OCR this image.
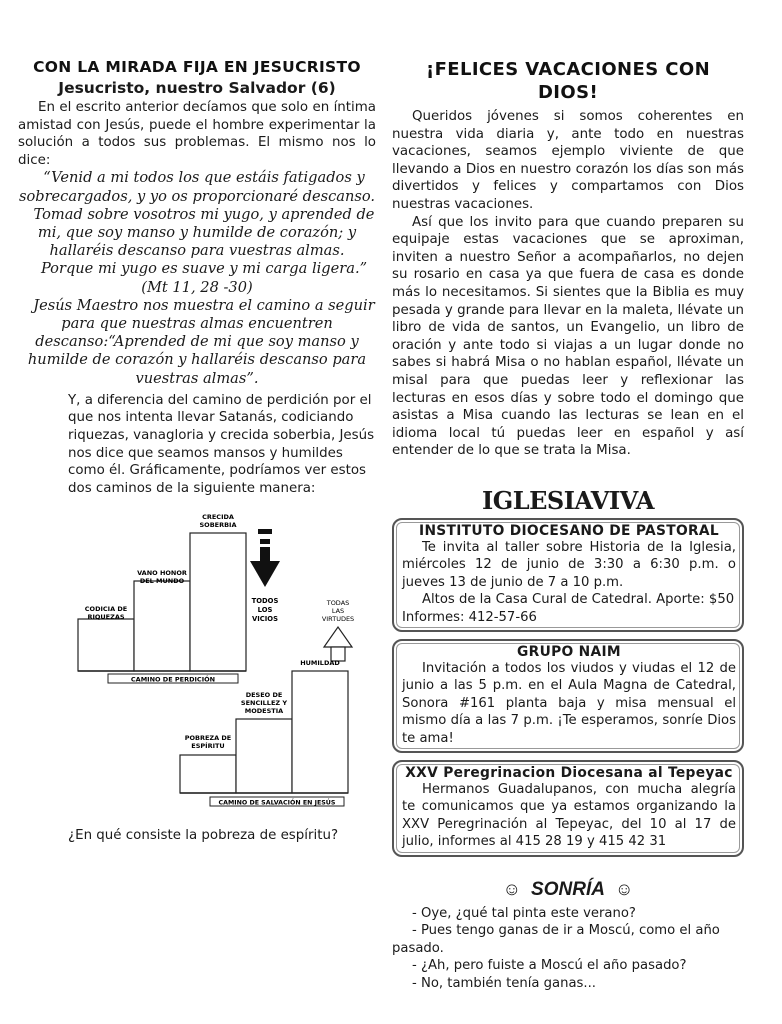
CON LA MIRADA FIJA EN JESUCRISTO
Jesucristo, nuestro Salvador (6)

En el escrito anterior decíamos que solo en íntima amistad con Jesús, puede el hombre experimentar la solución a todos sus problemas. El mismo nos lo dice:

“Venid a mi todos los que estáis fatigados y sobrecargados, y yo os proporcionaré descanso.

Tomad sobre vosotros mi yugo, y aprended de mi, que soy manso y humilde de corazón; y hallaréis descanso para vuestras almas.

Porque mi yugo es suave y mi carga ligera.” (Mt 11, 28 -30)

Jesús Maestro nos muestra el camino a seguir para que nuestras almas encuentren descanso:“Aprended de mi que soy manso y humilde de corazón y hallaréis descanso para vuestras almas”.

Y, a diferencia del camino de perdición por el que nos intenta llevar Satanás, codiciando riquezas, vanagloria y crecida soberbia, Jesús nos dice que seamos mansos y humildes como él. Gráficamente, podríamos ver estos dos caminos de la siguiente manera:

CAMINO DE PERDICIÓN
CODICIA DE RIQUEZAS
VANO HONOR DEL MUNDO
CRECIDA SOBERBIA
TODOS LOS VICIOS
TODAS LAS VIRTUDES
CAMINO DE SALVACIÓN EN JESÚS
HUMILDAD
DESEO DE SENCILLEZ Y MODESTIA
POBREZA DE ESPÍRITU

¿En qué consiste la pobreza de espíritu?

¡FELICES VACACIONES CON DIOS!

Queridos jóvenes si somos coherentes en nuestra vida diaria y, ante todo en nuestras vacaciones, seamos ejemplo viviente de que llevando a Dios en nuestro corazón los días son más divertidos y felices y compartamos con Dios nuestras vacaciones.

Así que los invito para que cuando preparen su equipaje estas vacaciones que se aproximan, inviten a nuestro Señor a acompañarlos, no dejen su rosario en casa ya que fuera de casa es donde más lo necesitamos. Si sientes que la Biblia es muy pesada y grande para llevar en la maleta, llévate un libro de vida de santos, un Evangelio, un libro de oración y ante todo si viajas a un lugar donde no sabes si habrá Misa o no hablan español, llévate un misal para que puedas leer y reflexionar las lecturas en esos días y sobre todo el domingo que asistas a Misa cuando las lecturas se lean en el idioma local tú puedas leer en español y así entender de lo que se trata la Misa.

IGLESIAVIVA
INSTITUTO DIOCESANO DE PASTORAL

Te invita al taller sobre Historia de la Iglesia, miércoles 12 de junio de 3:30 a 6:30 p.m. o jueves 13 de junio de 7 a 10 p.m.

Altos de la Casa Cural de Catedral. Aporte: $50

Informes: 412-57-66

GRUPO NAIM

Invitación a todos los viudos y viudas el 12 de junio a las 5 p.m. en el Aula Magna de Catedral, Sonora #161 planta baja y misa mensual el mismo día a las 7 p.m. ¡Te esperamos, sonríe Dios te ama!

XXV Peregrinacion Diocesana al Tepeyac

Hermanos Guadalupanos, con mucha alegría te comunicamos que ya estamos organizando la XXV Peregrinación al Tepeyac, del 10 al 17 de julio, informes al 415 28 19 y 415 42 31

☺ SONRÍA ☺

- Oye, ¿qué tal pinta este verano?

- Pues tengo ganas de ir a Moscú, como el año pasado.

- ¿Ah, pero fuiste a Moscú el año pasado?

- No, también tenía ganas...
